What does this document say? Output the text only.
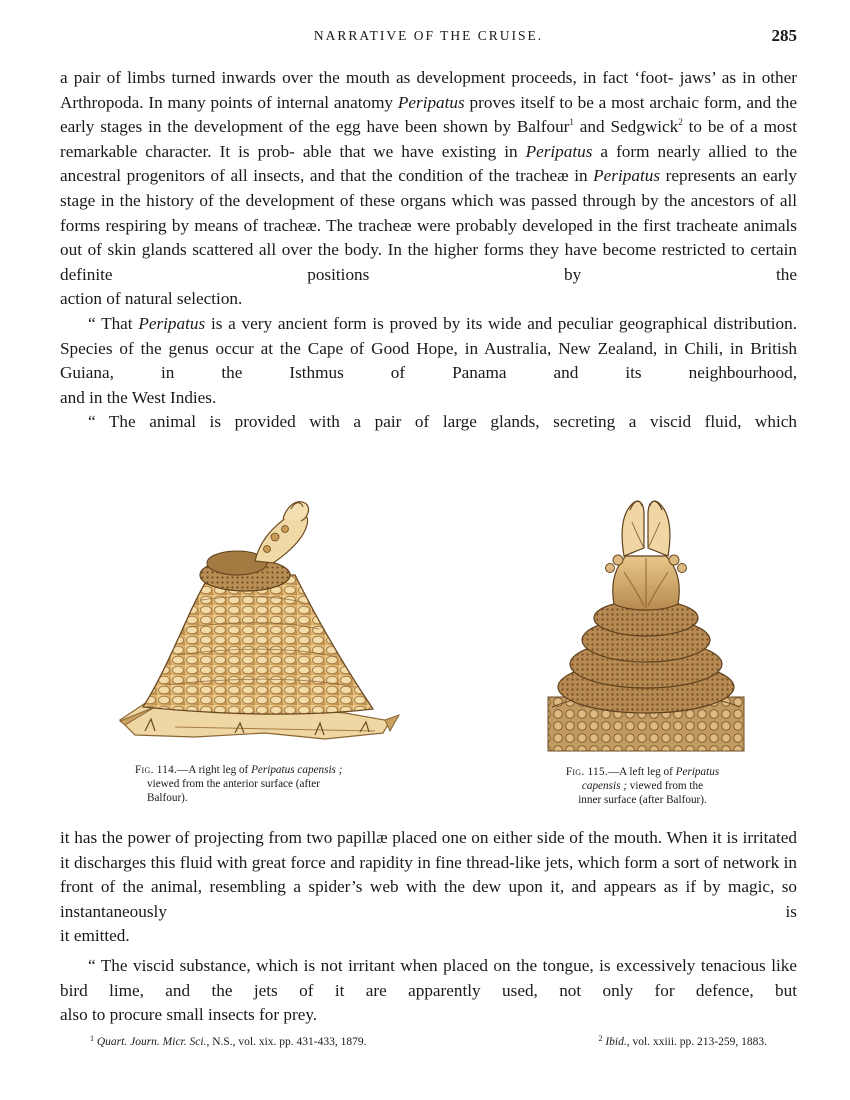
NARRATIVE OF THE CRUISE.	285

a pair of limbs turned inwards over the mouth as development proceeds, in fact ‘foot- jaws’ as in other Arthropoda. In many points of internal anatomy Peripatus proves itself to be a most archaic form, and the early stages in the development of the egg have been shown by Balfour$^1$ and Sedgwick$^2$ to be of a most remarkable character. It is prob- able that we have existing in Peripatus a form nearly allied to the ancestral progenitors of all insects, and that the condition of the tracheæ in Peripatus represents an early stage in the history of the development of these organs which was passed through by the ancestors of all forms respiring by means of tracheæ. The tracheæ were probably developed in the first tracheate animals out of skin glands scattered all over the body. In the higher forms they have become restricted to certain definite positions by the

action of natural selection.

“ That Peripatus is a very ancient form is proved by its wide and peculiar geographical distribution. Species of the genus occur at the Cape of Good Hope, in Australia, New Zealand, in Chili, in British Guiana, in the Isthmus of Panama and its neighbourhood,

and in the West Indies.

“ The animal is provided with a pair of large glands, secreting a viscid fluid, which

Fig. 114.—A right leg of Peripatus capensis ;
viewed from the anterior surface (after
Balfour).
Fig. 115.—A left leg of Peripatus
capensis ; viewed from the
inner surface (after Balfour).

it has the power of projecting from two papillæ placed one on either side of the mouth. When it is irritated it discharges this fluid with great force and rapidity in fine thread-like jets, which form a sort of network in front of the animal, resembling a spider’s web with the dew upon it, and appears as if by magic, so instantaneously is

it emitted.

“ The viscid substance, which is not irritant when placed on the tongue, is excessively tenacious like bird lime, and the jets of it are apparently used, not only for defence, but

also to procure small insects for prey.

$^1$ Quart. Journ. Micr. Sci., N.S., vol. xix. pp. 431-433, 1879.	$^2$ Ibid., vol. xxiii. pp. 213-259, 1883.
